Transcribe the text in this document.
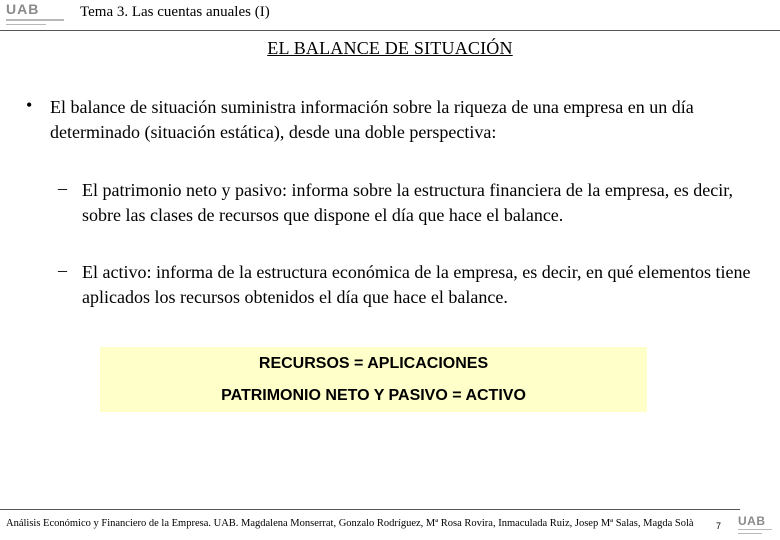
UAB	Tema 3. Las cuentas anuales (I)
EL BALANCE DE SITUACIÓN
• El balance de situación suministra información sobre la riqueza de una empresa en un día determinado (situación estática), desde una doble perspectiva:
– El patrimonio neto y pasivo: informa sobre la estructura financiera de la empresa, es decir, sobre las clases de recursos que dispone el día que hace el balance.
– El activo: informa de la estructura económica de la empresa, es decir, en qué elementos tiene aplicados los recursos obtenidos el día que hace el balance.
RECURSOS = APLICACIONES
PATRIMONIO NETO Y PASIVO = ACTIVO
Análisis Económico y Financiero de la Empresa. UAB. Magdalena Monserrat, Gonzalo Rodríguez, Mª Rosa Rovira, Inmaculada Ruiz, Josep Mª Salas, Magda Solà 7 UAB
